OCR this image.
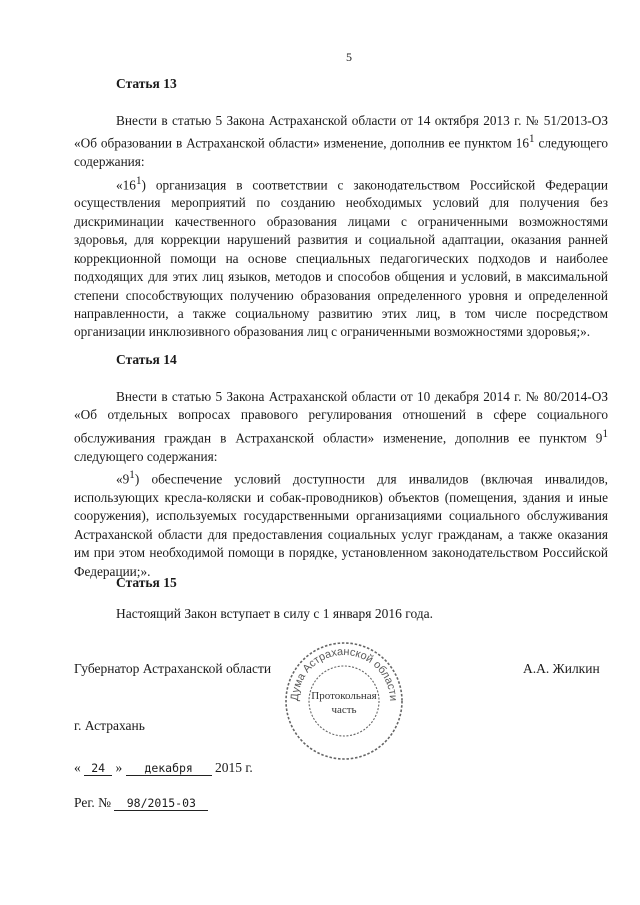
5
Статья 13

Внести в статью 5 Закона Астраханской области от 14 октября 2013 г. № 51/2013-ОЗ «Об образовании в Астраханской области» изменение, дополнив ее пунктом $16^1$ следующего содержания:

«$16^1$) организация в соответствии с законодательством Российской Федерации осуществления мероприятий по созданию необходимых условий для получения без дискриминации качественного образования лицами с ограниченными возможностями здоровья, для коррекции нарушений развития и социальной адаптации, оказания ранней коррекционной помощи на основе специальных педагогических подходов и наиболее подходящих для этих лиц языков, методов и способов общения и условий, в максимальной степени способствующих получению образования определенного уровня и определенной направленности, а также социальному развитию этих лиц, в том числе посредством организации инклюзивного образования лиц с ограниченными возможностями здоровья;».

Статья 14

Внести в статью 5 Закона Астраханской области от 10 декабря 2014 г. № 80/2014-ОЗ «Об отдельных вопросах правового регулирования отношений в сфере социального обслуживания граждан в Астраханской области» изменение, дополнив ее пунктом $9^1$ следующего содержания:

«$9^1$) обеспечение условий доступности для инвалидов (включая инвалидов, использующих кресла-коляски и собак-проводников) объектов (помещения, здания и иные сооружения), используемых государственными организациями социального обслуживания Астраханской области для предоставления социальных услуг гражданам, а также оказания им при этом необходимой помощи в порядке, установленном законодательством Российской Федерации;».

Статья 15
Настоящий Закон вступает в силу с 1 января 2016 года.
Губернатор Астраханской области	А.А. Жилкин
Дума Астраханской области
Протокольная
часть
г. Астрахань
« 24 » декабря 2015 г.
Рег. № 98/2015-03
